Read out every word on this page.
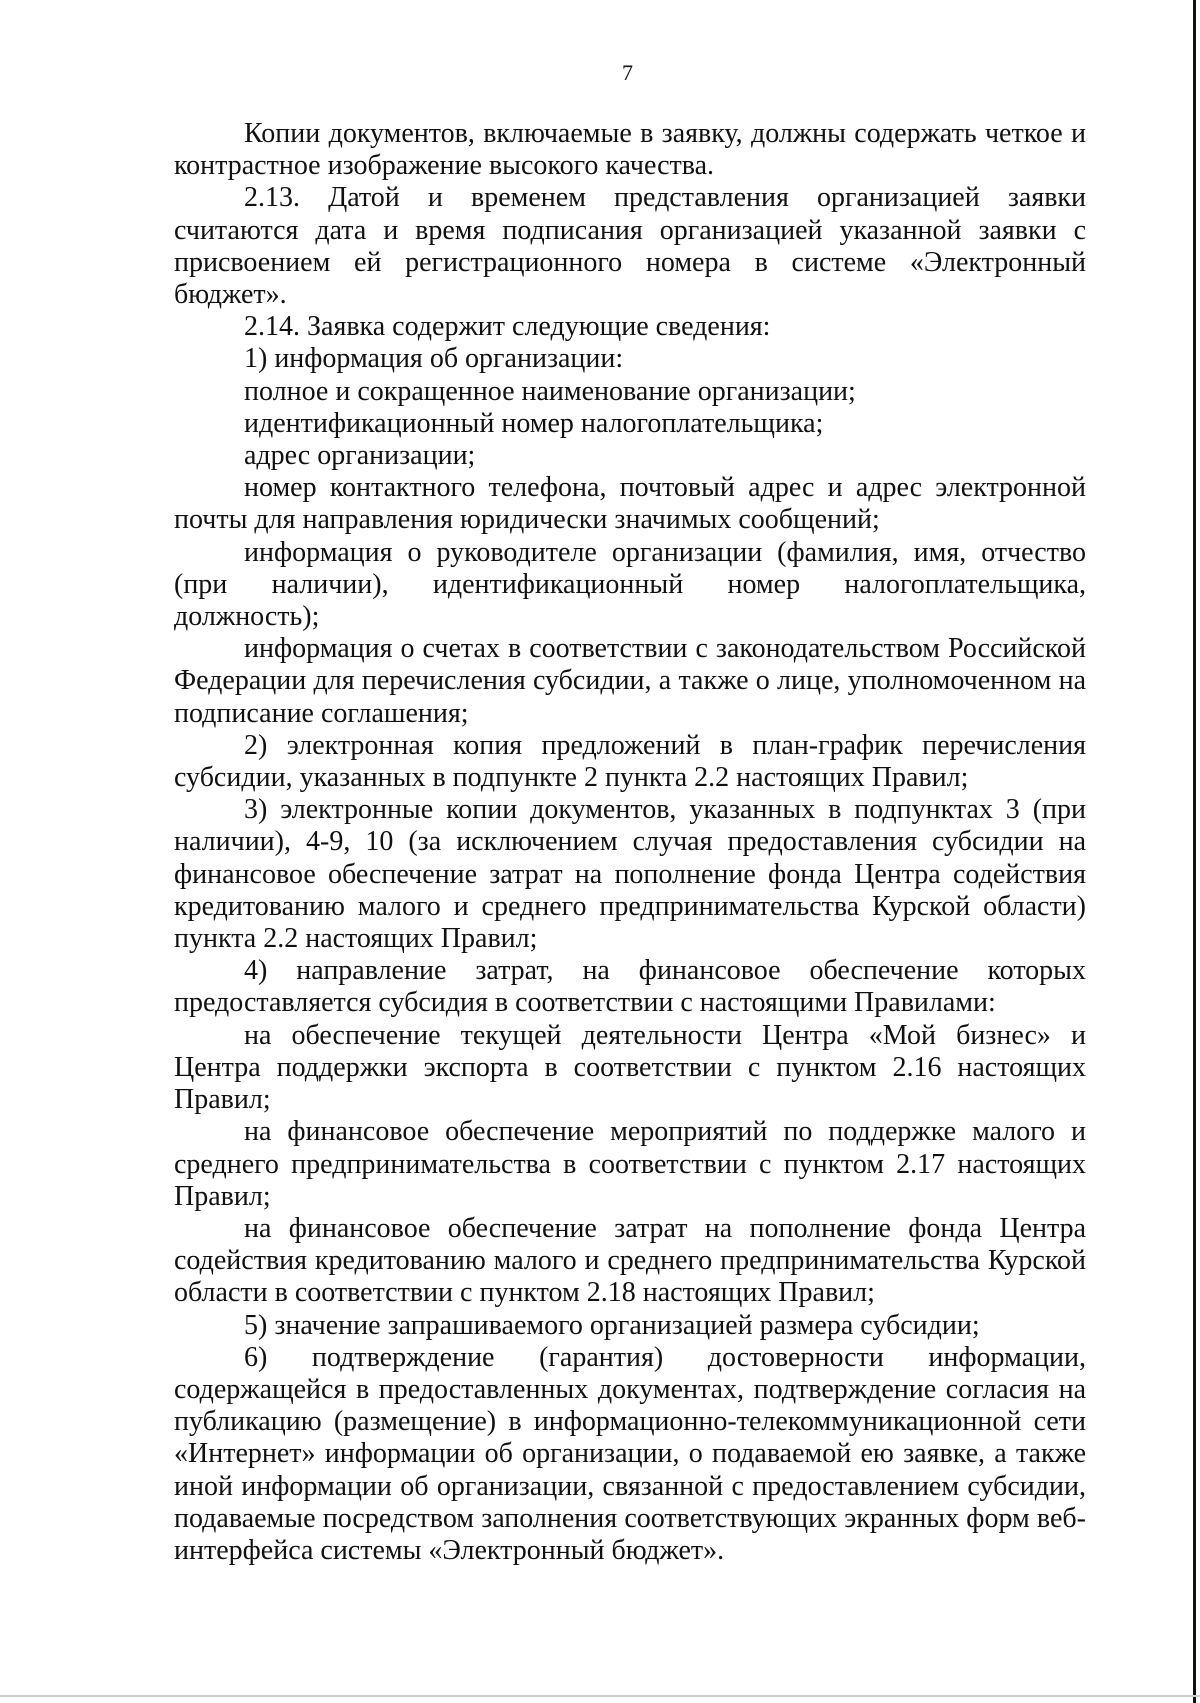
7

Копии документов, включаемые в заявку, должны содержать четкое и контрастное изображение высокого качества.

2.13. Датой и временем представления организацией заявки считаются дата и время подписания организацией указанной заявки с присвоением ей регистрационного номера в системе «Электронный бюджет».

2.14. Заявка содержит следующие сведения:

1) информация об организации:

полное и сокращенное наименование организации;

идентификационный номер налогоплательщика;

адрес организации;

номер контактного телефона, почтовый адрес и адрес электронной почты для направления юридически значимых сообщений;

информация о руководителе организации (фамилия, имя, отчество (при наличии), идентификационный номер налогоплательщика, должность);

информация о счетах в соответствии с законодательством Российской Федерации для перечисления субсидии, а также о лице, уполномоченном на подписание соглашения;

2) электронная копия предложений в план-график перечисления субсидии, указанных в подпункте 2 пункта 2.2 настоящих Правил;

3) электронные копии документов, указанных в подпунктах 3 (при наличии), 4-9, 10 (за исключением случая предоставления субсидии на финансовое обеспечение затрат на пополнение фонда Центра содействия кредитованию малого и среднего предпринимательства Курской области) пункта 2.2 настоящих Правил;

4) направление затрат, на финансовое обеспечение которых предоставляется субсидия в соответствии с настоящими Правилами:

на обеспечение текущей деятельности Центра «Мой бизнес» и Центра поддержки экспорта в соответствии с пунктом 2.16 настоящих Правил;

на финансовое обеспечение мероприятий по поддержке малого и среднего предпринимательства в соответствии с пунктом 2.17 настоящих Правил;

на финансовое обеспечение затрат на пополнение фонда Центра содействия кредитованию малого и среднего предпринимательства Курской области в соответствии с пунктом 2.18 настоящих Правил;

5) значение запрашиваемого организацией размера субсидии;

6) подтверждение (гарантия) достоверности информации, содержащейся в предоставленных документах, подтверждение согласия на публикацию (размещение) в информационно-телекоммуникационной сети «Интернет» информации об организации, о подаваемой ею заявке, а также иной информации об организации, связанной с предоставлением субсидии, подаваемые посредством заполнения соответствующих экранных форм веб-интерфейса системы «Электронный бюджет».
